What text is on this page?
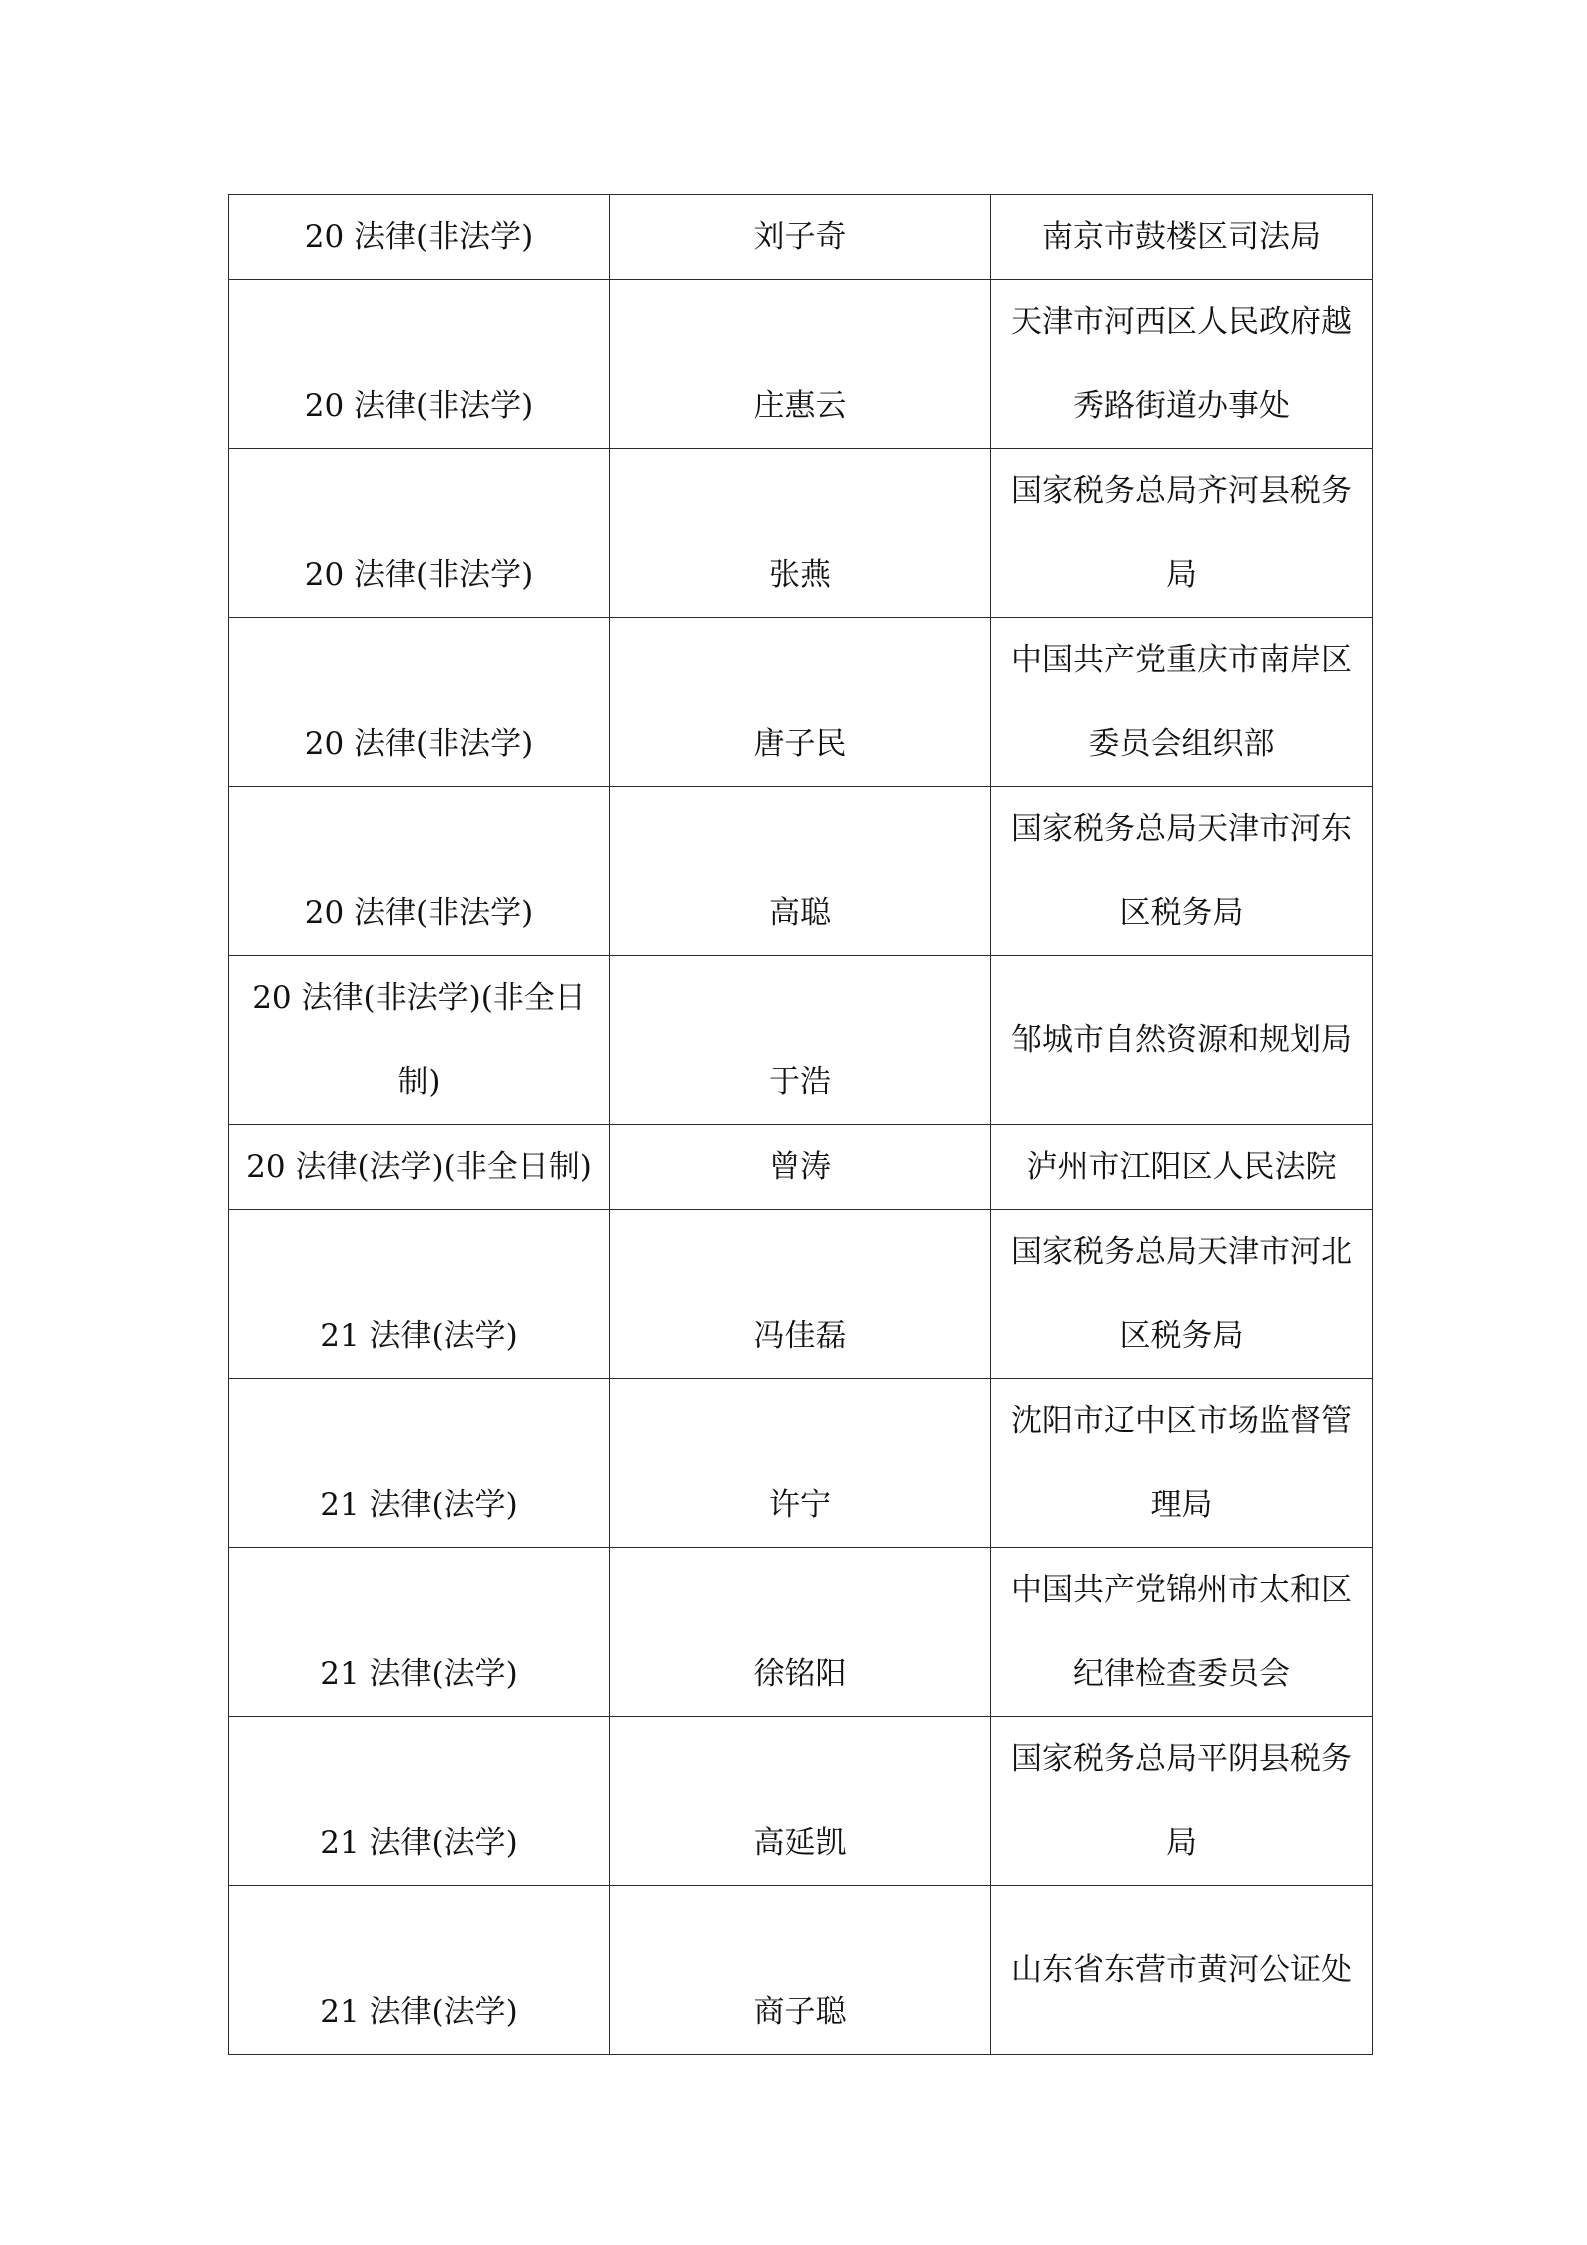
20 法律(非法学)	刘子奇	南京市鼓楼区司法局

20 法律(非法学)	庄惠云	天津市河西区人民政府越秀路街道办事处

20 法律(非法学)	张燕	国家税务总局齐河县税务局

20 法律(非法学)	唐子民	中国共产党重庆市南岸区委员会组织部

20 法律(非法学)	高聪	国家税务总局天津市河东区税务局

20 法律(非法学)(非全日制)	于浩	邹城市自然资源和规划局

20 法律(法学)(非全日制)	曾涛	泸州市江阳区人民法院

21 法律(法学)	冯佳磊	国家税务总局天津市河北区税务局

21 法律(法学)	许宁	沈阳市辽中区市场监督管理局

21 法律(法学)	徐铭阳	中国共产党锦州市太和区纪律检查委员会

21 法律(法学)	高延凯	国家税务总局平阴县税务局

21 法律(法学)	商子聪	山东省东营市黄河公证处
